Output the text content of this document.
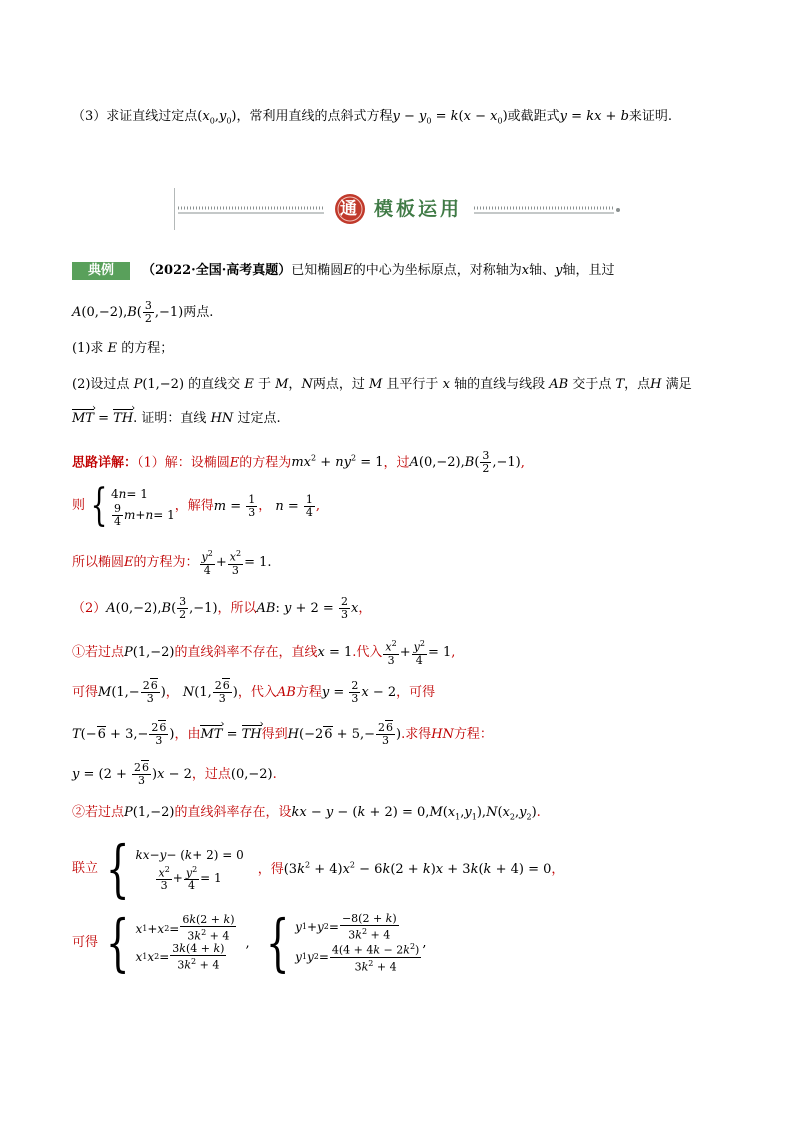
（3）求证直线过定点$(x_0,y_0)$，常利用直线的点斜式方程$y - y_0 = k(x - x_0)$或截距式y = kx + b来证明.
通 模板运用
典例	（2022·全国·高考真题）已知椭圆E的中心为坐标原点，对称轴为x轴、y轴，且过
$A(0,-2),B( \frac{3}{2} ,-1)$两点.
(1)求 E 的方程；
(2)设过点 P(1,−2) 的直线交 E 于 M，N两点，过 M 且平行于 x 轴的直线与线段 AB 交于点 T，点H 满足
MT › = TH ›. 证明：直线 HN 过定点.
思路详解：（1）解：设椭圆E的方程为$mx^2 + ny^2 = 1$，过$A(0,-2),B( \frac{3}{2} ,-1)$,
则 { 4 n = 1
$\frac{9}{4}$ m + n = 1
，解得$m = \frac{1}{3}$ ， $n = \frac{1}{4}$ ,
所以椭圆E的方程为： $\frac{y^2}{4} + \frac{x^2}{3} = 1$.
$(2)A(0,-2),B( \frac{3}{2} ,-1)$，所以AB: $y + 2 = \frac{2}{3}$ x，
①若过点P(1,−2)的直线斜率不存在，直线x = 1.代入 $\frac{x^2}{3} + \frac{y^2}{4} = 1$,
可得$M(1,- \frac{26}{3}$ )， N(1, $\frac{26}{3}$ )，代入AB方程$y = \frac{2}{3}$ x − 2，可得
$T(-6 + 3,- \frac{26}{3}$ )，由MT › = TH ›得到$H(-26 + 5,- \frac{26}{3}$ ).求得HN方程：
$y = (2 + \frac{26}{3} )x - 2$，过点(0,−2).
②若过点P(1,−2)的直线斜率存在，设kx − $y - (k + 2) = 0,M(x_1,y_1),N(x_2,y_2)$.
联立 { kx − y − ( k + 2) = 0
$\frac{x^2}{3} + \frac{y^2}{4} = 1$
，得$(3k^2 + 4)x^2 - 6k(2 + k)x + 3k(k + 4) = 0$，
可得 { x 1 + x $2 = \frac{6k(2 + k)}{3k^2 + 4}$
x 1 x $2 = \frac{3k(4 + k)}{3k^2 + 4}$ , { y 1 + y $2 = \frac{-8(2 + k)}{3k^2 + 4}$
y 1 y $2 = \frac{4(4 + 4k - 2k^2)}{3k^2 + 4}$ ,
